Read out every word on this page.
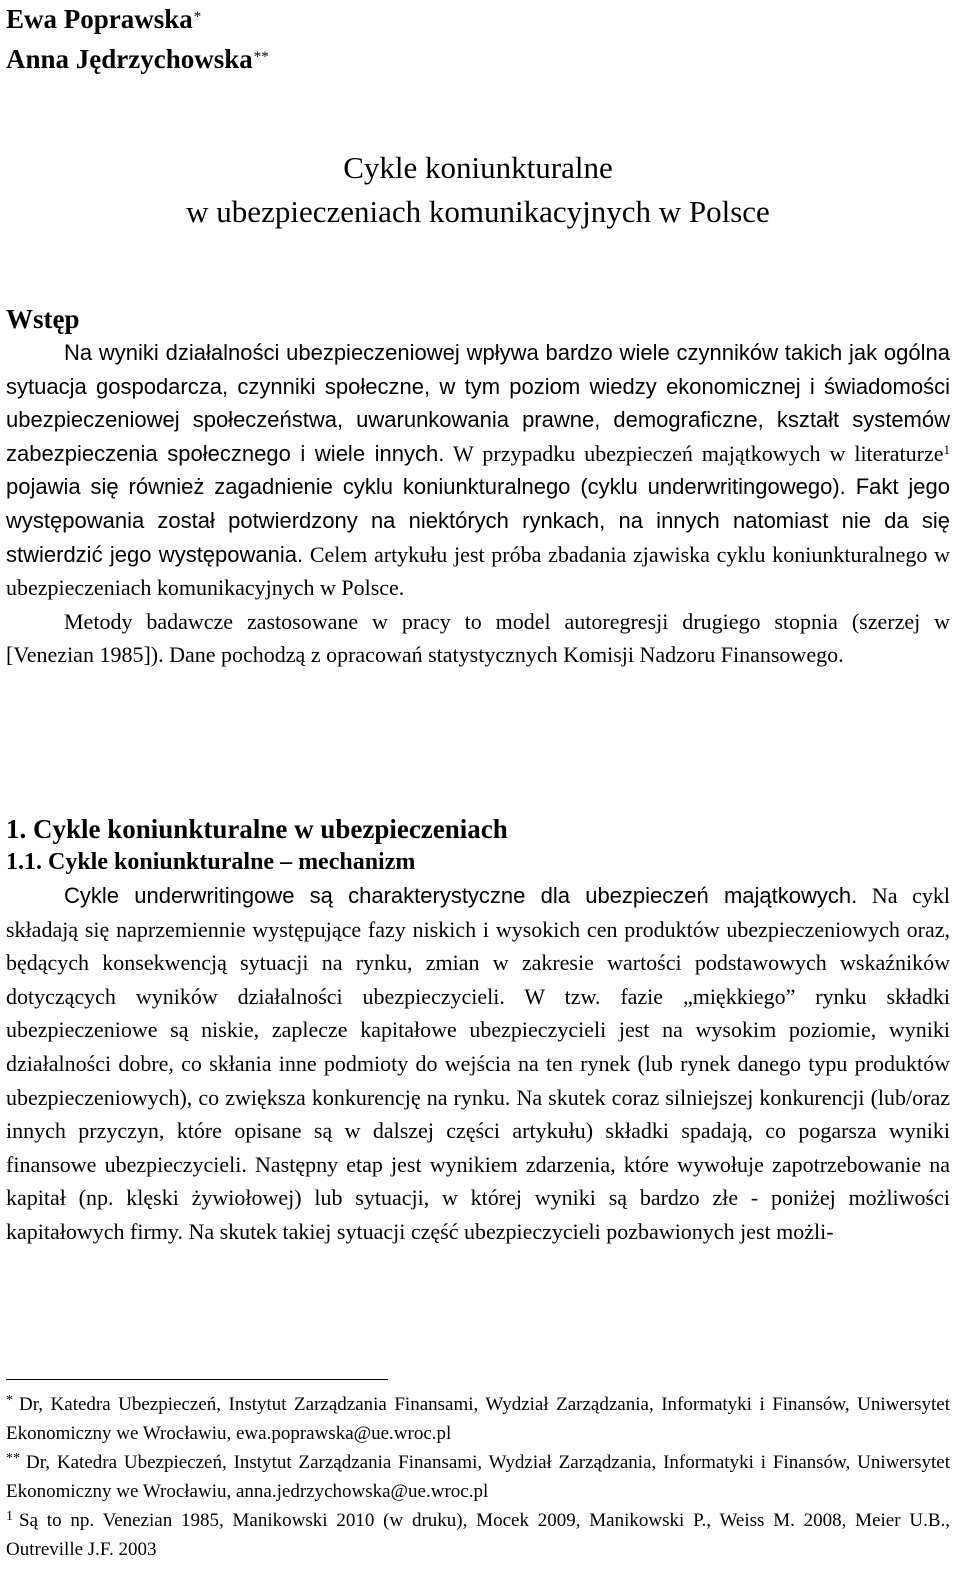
Ewa Poprawska*

Anna Jędrzychowska**

Cykle koniunkturalne
w ubezpieczeniach komunikacyjnych w Polsce

Wstęp

Na wyniki działalności ubezpieczeniowej wpływa bardzo wiele czynników takich jak ogólna sytuacja gospodarcza, czynniki społeczne, w tym poziom wiedzy ekonomicznej i świadomości ubezpieczeniowej społeczeństwa, uwarunkowania prawne, demograficzne, kształt systemów zabezpieczenia społecznego i wiele innych. W przypadku ubezpieczeń majątkowych w literaturze$^1$ pojawia się również zagadnienie cyklu koniunkturalnego (cyklu underwritingowego). Fakt jego występowania został potwierdzony na niektórych rynkach, na innych natomiast nie da się stwierdzić jego występowania. Celem artykułu jest próba zbadania zjawiska cyklu koniunkturalnego w ubezpieczeniach komunikacyjnych w Polsce.

Metody badawcze zastosowane w pracy to model autoregresji drugiego stopnia (szerzej w [Venezian 1985]). Dane pochodzą z opracowań statystycznych Komisji Nadzoru Finansowego.

1. Cykle koniunkturalne w ubezpieczeniach

1.1. Cykle koniunkturalne – mechanizm

Cykle underwritingowe są charakterystyczne dla ubezpieczeń majątkowych. Na cykl składają się naprzemiennie występujące fazy niskich i wysokich cen produktów ubezpieczeniowych oraz, będących konsekwencją sytuacji na rynku, zmian w zakresie wartości podstawowych wskaźników dotyczących wyników działalności ubezpieczycieli. W tzw. fazie „miękkiego” rynku składki ubezpieczeniowe są niskie, zaplecze kapitałowe ubezpieczycieli jest na wysokim poziomie, wyniki działalności dobre, co skłania inne podmioty do wejścia na ten rynek (lub rynek danego typu produktów ubezpieczeniowych), co zwiększa konkurencję na rynku. Na skutek coraz silniejszej konkurencji (lub/oraz innych przyczyn, które opisane są w dalszej części artykułu) składki spadają, co pogarsza wyniki finansowe ubezpieczycieli. Następny etap jest wynikiem zdarzenia, które wywołuje zapotrzebowanie na kapitał (np. klęski żywiołowej) lub sytuacji, w której wyniki są bardzo złe - poniżej możliwości kapitałowych firmy. Na skutek takiej sytuacji część ubezpieczycieli pozbawionych jest możli-

* Dr, Katedra Ubezpieczeń, Instytut Zarządzania Finansami, Wydział Zarządzania, Informatyki i Finansów, Uniwersytet Ekonomiczny we Wrocławiu, ewa.poprawska@ue.wroc.pl

** Dr, Katedra Ubezpieczeń, Instytut Zarządzania Finansami, Wydział Zarządzania, Informatyki i Finansów, Uniwersytet Ekonomiczny we Wrocławiu, anna.jedrzychowska@ue.wroc.pl

$^1$ Są to np. Venezian 1985, Manikowski 2010 (w druku), Mocek 2009, Manikowski P., Weiss M. 2008, Meier U.B., Outreville J.F. 2003
